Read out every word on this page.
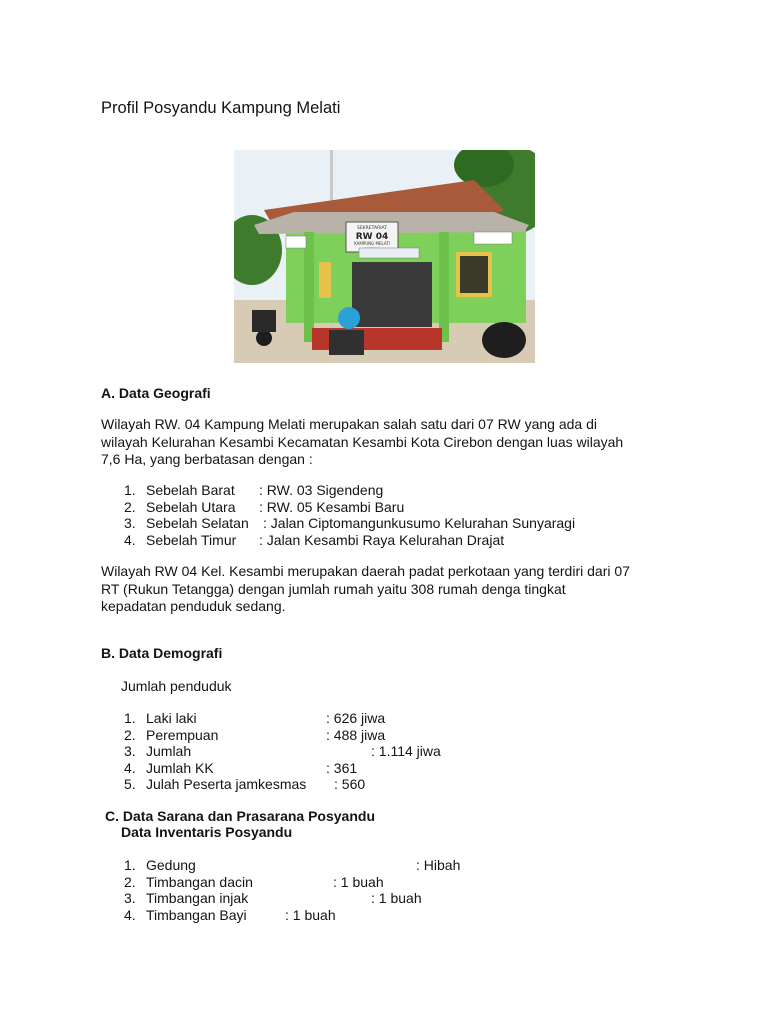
Profil Posyandu Kampung Melati
SEKRETARIAT
RW 04
KAMPUNG MELATI
A. Data Geografi

Wilayah RW. 04 Kampung Melati merupakan salah satu dari 07 RW yang ada di
wilayah Kelurahan Kesambi Kecamatan Kesambi Kota Cirebon dengan luas wilayah
7,6 Ha, yang berbatasan dengan :

1. Sebelah Barat : RW. 03 Sigendeng
2. Sebelah Utara : RW. 05 Kesambi Baru
3. Sebelah Selatan : Jalan Ciptomangunkusumo Kelurahan Sunyaragi
4. Sebelah Timur : Jalan Kesambi Raya Kelurahan Drajat

Wilayah RW 04 Kel. Kesambi merupakan daerah padat perkotaan yang terdiri dari 07
RT (Rukun Tetangga) dengan jumlah rumah yaitu 308 rumah denga tingkat
kepadatan penduduk sedang.

B. Data Demografi

Jumlah penduduk

1. Laki laki	: 626 jiwa
2. Perempuan	: 488 jiwa
3. Jumlah	: 1.114 jiwa
4. Jumlah KK	: 361
5. Julah Peserta jamkesmas : 560
C. Data Sarana dan Prasarana Posyandu
Data Inventaris Posyandu
1. Gedung	: Hibah
2. Timbangan dacin	: 1 buah
3. Timbangan injak	: 1 buah
4. Timbangan Bayi	: 1 buah
